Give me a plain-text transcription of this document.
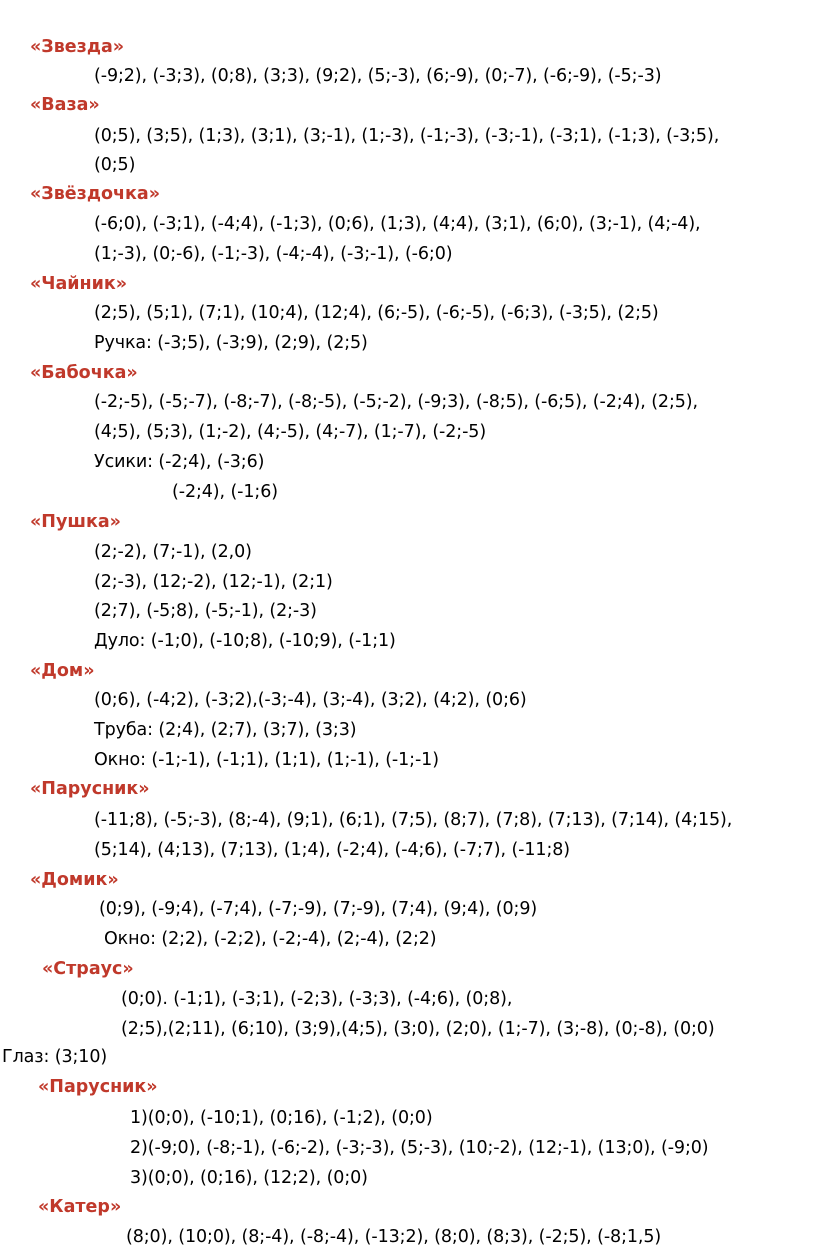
«Звезда»
(-9;2), (-3;3), (0;8), (3;3), (9;2), (5;-3), (6;-9), (0;-7), (-6;-9), (-5;-3)
«Ваза»
(0;5), (3;5), (1;3), (3;1), (3;-1), (1;-3), (-1;-3), (-3;-1), (-3;1), (-1;3), (-3;5),
(0;5)
«Звёздочка»
(-6;0), (-3;1), (-4;4), (-1;3), (0;6), (1;3), (4;4), (3;1), (6;0), (3;-1), (4;-4),
(1;-3), (0;-6), (-1;-3), (-4;-4), (-3;-1), (-6;0)
«Чайник»
(2;5), (5;1), (7;1), (10;4), (12;4), (6;-5), (-6;-5), (-6;3), (-3;5), (2;5)
Ручка: (-3;5), (-3;9), (2;9), (2;5)
«Бабочка»
(-2;-5), (-5;-7), (-8;-7), (-8;-5), (-5;-2), (-9;3), (-8;5), (-6;5), (-2;4), (2;5),
(4;5), (5;3), (1;-2), (4;-5), (4;-7), (1;-7), (-2;-5)
Усики: (-2;4), (-3;6)
(-2;4), (-1;6)
«Пушка»
(2;-2), (7;-1), (2,0)
(2;-3), (12;-2), (12;-1), (2;1)
(2;7), (-5;8), (-5;-1), (2;-3)
Дуло: (-1;0), (-10;8), (-10;9), (-1;1)
«Дом»
(0;6), (-4;2), (-3;2),(-3;-4), (3;-4), (3;2), (4;2), (0;6)
Труба: (2;4), (2;7), (3;7), (3;3)
Окно: (-1;-1), (-1;1), (1;1), (1;-1), (-1;-1)
«Парусник»
(-11;8), (-5;-3), (8;-4), (9;1), (6;1), (7;5), (8;7), (7;8), (7;13), (7;14), (4;15),
(5;14), (4;13), (7;13), (1;4), (-2;4), (-4;6), (-7;7), (-11;8)
«Домик»
(0;9), (-9;4), (-7;4), (-7;-9), (7;-9), (7;4), (9;4), (0;9)
Окно: (2;2), (-2;2), (-2;-4), (2;-4), (2;2)
«Страус»
(0;0). (-1;1), (-3;1), (-2;3), (-3;3), (-4;6), (0;8),
(2;5),(2;11), (6;10), (3;9),(4;5), (3;0), (2;0), (1;-7), (3;-8), (0;-8), (0;0)
Глаз: (3;10)
«Парусник»
1)(0;0), (-10;1), (0;16), (-1;2), (0;0)
2)(-9;0), (-8;-1), (-6;-2), (-3;-3), (5;-3), (10;-2), (12;-1), (13;0), (-9;0)
3)(0;0), (0;16), (12;2), (0;0)
«Катер»
(8;0), (10;0), (8;-4), (-8;-4), (-13;2), (8;0), (8;3), (-2;5), (-8;1,5)
